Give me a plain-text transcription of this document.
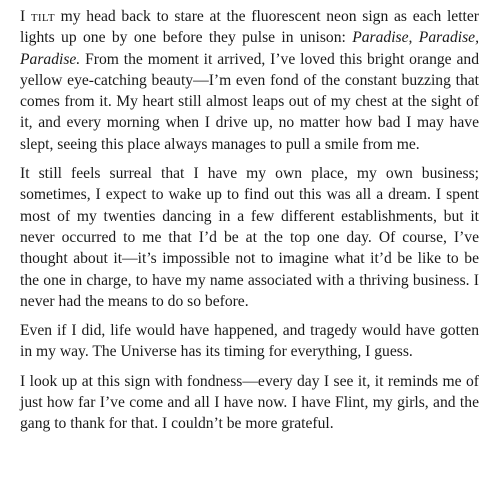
I tilt my head back to stare at the fluorescent neon sign as each letter lights up one by one before they pulse in unison: Paradise, Paradise, Paradise. From the moment it arrived, I’ve loved this bright orange and yellow eye-catching beauty—I’m even fond of the constant buzzing that comes from it. My heart still almost leaps out of my chest at the sight of it, and every morning when I drive up, no matter how bad I may have slept, seeing this place always manages to pull a smile from me.

It still feels surreal that I have my own place, my own business; sometimes, I expect to wake up to find out this was all a dream. I spent most of my twenties dancing in a few different establishments, but it never occurred to me that I’d be at the top one day. Of course, I’ve thought about it—it’s impossible not to imagine what it’d be like to be the one in charge, to have my name associated with a thriving business. I never had the means to do so before.

Even if I did, life would have happened, and tragedy would have gotten in my way. The Universe has its timing for everything, I guess.

I look up at this sign with fondness—every day I see it, it reminds me of just how far I’ve come and all I have now. I have Flint, my girls, and the gang to thank for that. I couldn’t be more grateful.
